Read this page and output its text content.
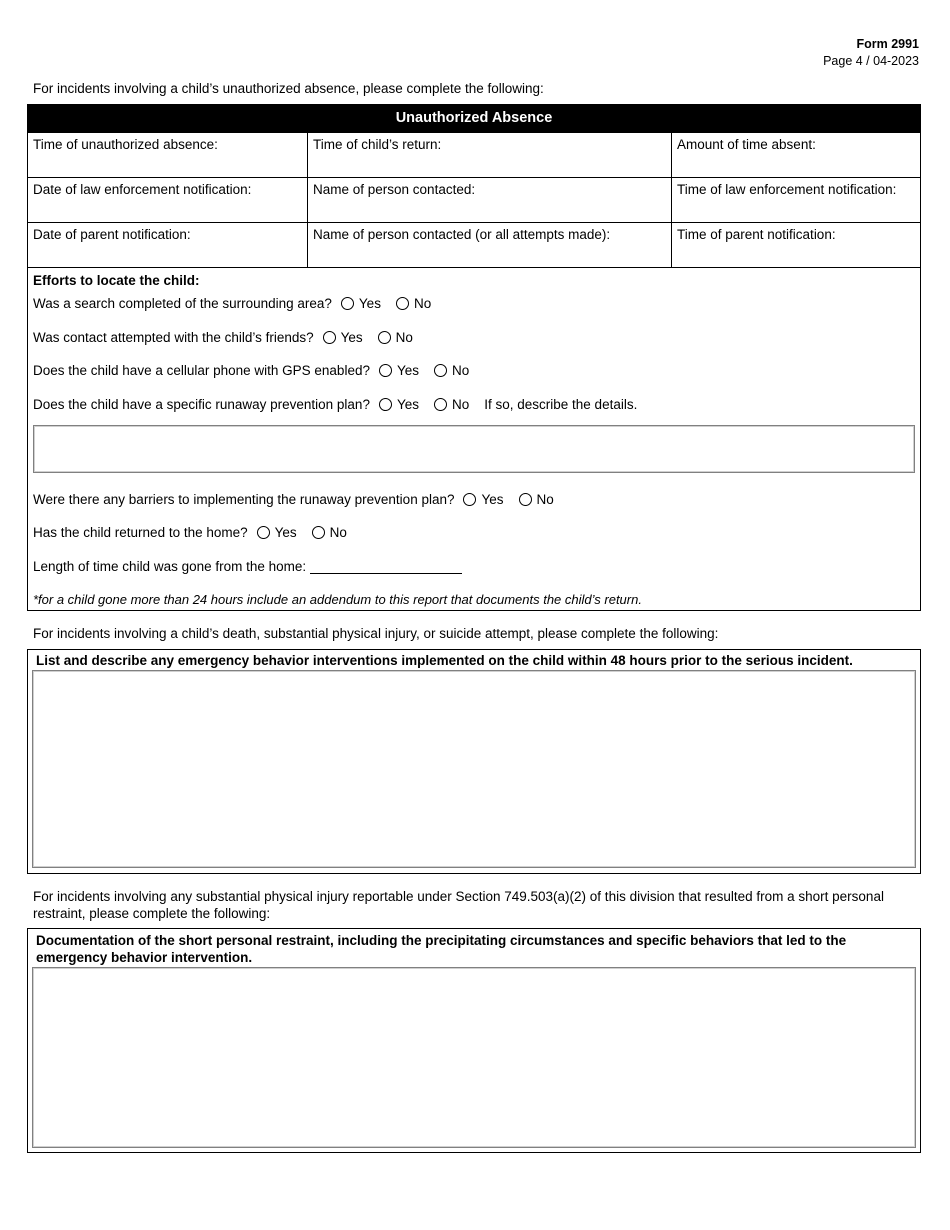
Form 2991
Page 4 / 04-2023
For incidents involving a child’s unauthorized absence, please complete the following:
Unauthorized Absence
Time of unauthorized absence:	Time of child’s return:	Amount of time absent:
Date of law enforcement notification:	Name of person contacted:	Time of law enforcement notification:
Date of parent notification:	Name of person contacted (or all attempts made):	Time of parent notification:
Efforts to locate the child:
Was a search completed of the surrounding area?	Yes	No
Was contact attempted with the child’s friends?	Yes	No
Does the child have a cellular phone with GPS enabled?	Yes	No
Does the child have a specific runaway prevention plan?	Yes	No If so, describe the details.
Were there any barriers to implementing the runaway prevention plan?	Yes	No
Has the child returned to the home?	Yes	No
Length of time child was gone from the home:
*for a child gone more than 24 hours include an addendum to this report that documents the child’s return.
For incidents involving a child’s death, substantial physical injury, or suicide attempt, please complete the following:
List and describe any emergency behavior interventions implemented on the child within 48 hours prior to the serious incident.
For incidents involving any substantial physical injury reportable under Section 749.503(a)(2) of this division that resulted from a short personal restraint, please complete the following:
Documentation of the short personal restraint, including the precipitating circumstances and specific behaviors that led to the emergency behavior intervention.
